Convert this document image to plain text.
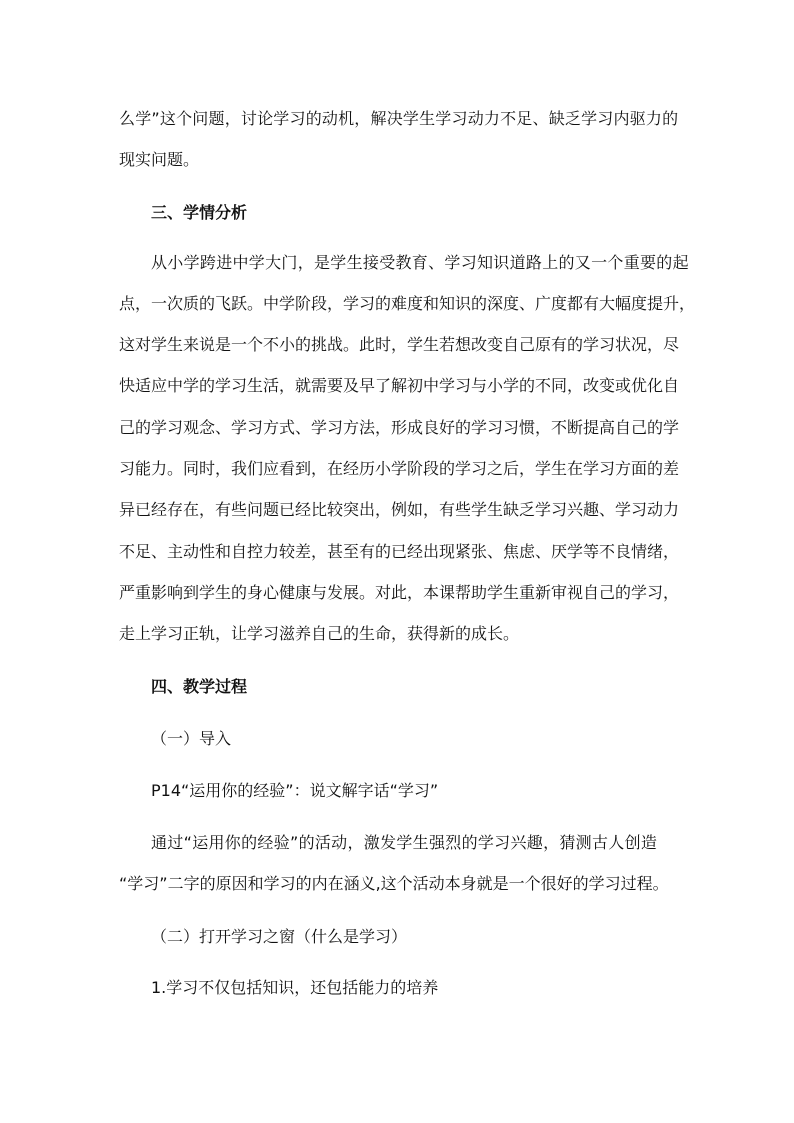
么学”这个问题，讨论学习的动机，解决学生学习动力不足、缺乏学习内驱力的
现实问题。
三、学情分析
从小学跨进中学大门，是学生接受教育、学习知识道路上的又一个重要的起
点，一次质的飞跃。中学阶段，学习的难度和知识的深度、广度都有大幅度提升，
这对学生来说是一个不小的挑战。此时，学生若想改变自己原有的学习状况，尽
快适应中学的学习生活，就需要及早了解初中学习与小学的不同，改变或优化自
己的学习观念、学习方式、学习方法，形成良好的学习习惯，不断提高自己的学
习能力。同时，我们应看到，在经历小学阶段的学习之后，学生在学习方面的差
异已经存在，有些问题已经比较突出，例如，有些学生缺乏学习兴趣、学习动力
不足、主动性和自控力较差，甚至有的已经出现紧张、焦虑、厌学等不良情绪，
严重影响到学生的身心健康与发展。对此，本课帮助学生重新审视自己的学习，
走上学习正轨，让学习滋养自己的生命，获得新的成长。
四、教学过程
（一）导入
P14“运用你的经验”：说文解字话“学习”
通过“运用你的经验”的活动，激发学生强烈的学习兴趣，猜测古人创造
“学习”二字的原因和学习的内在涵义,这个活动本身就是一个很好的学习过程。
（二）打开学习之窗（什么是学习）
1.学习不仅包括知识，还包括能力的培养
